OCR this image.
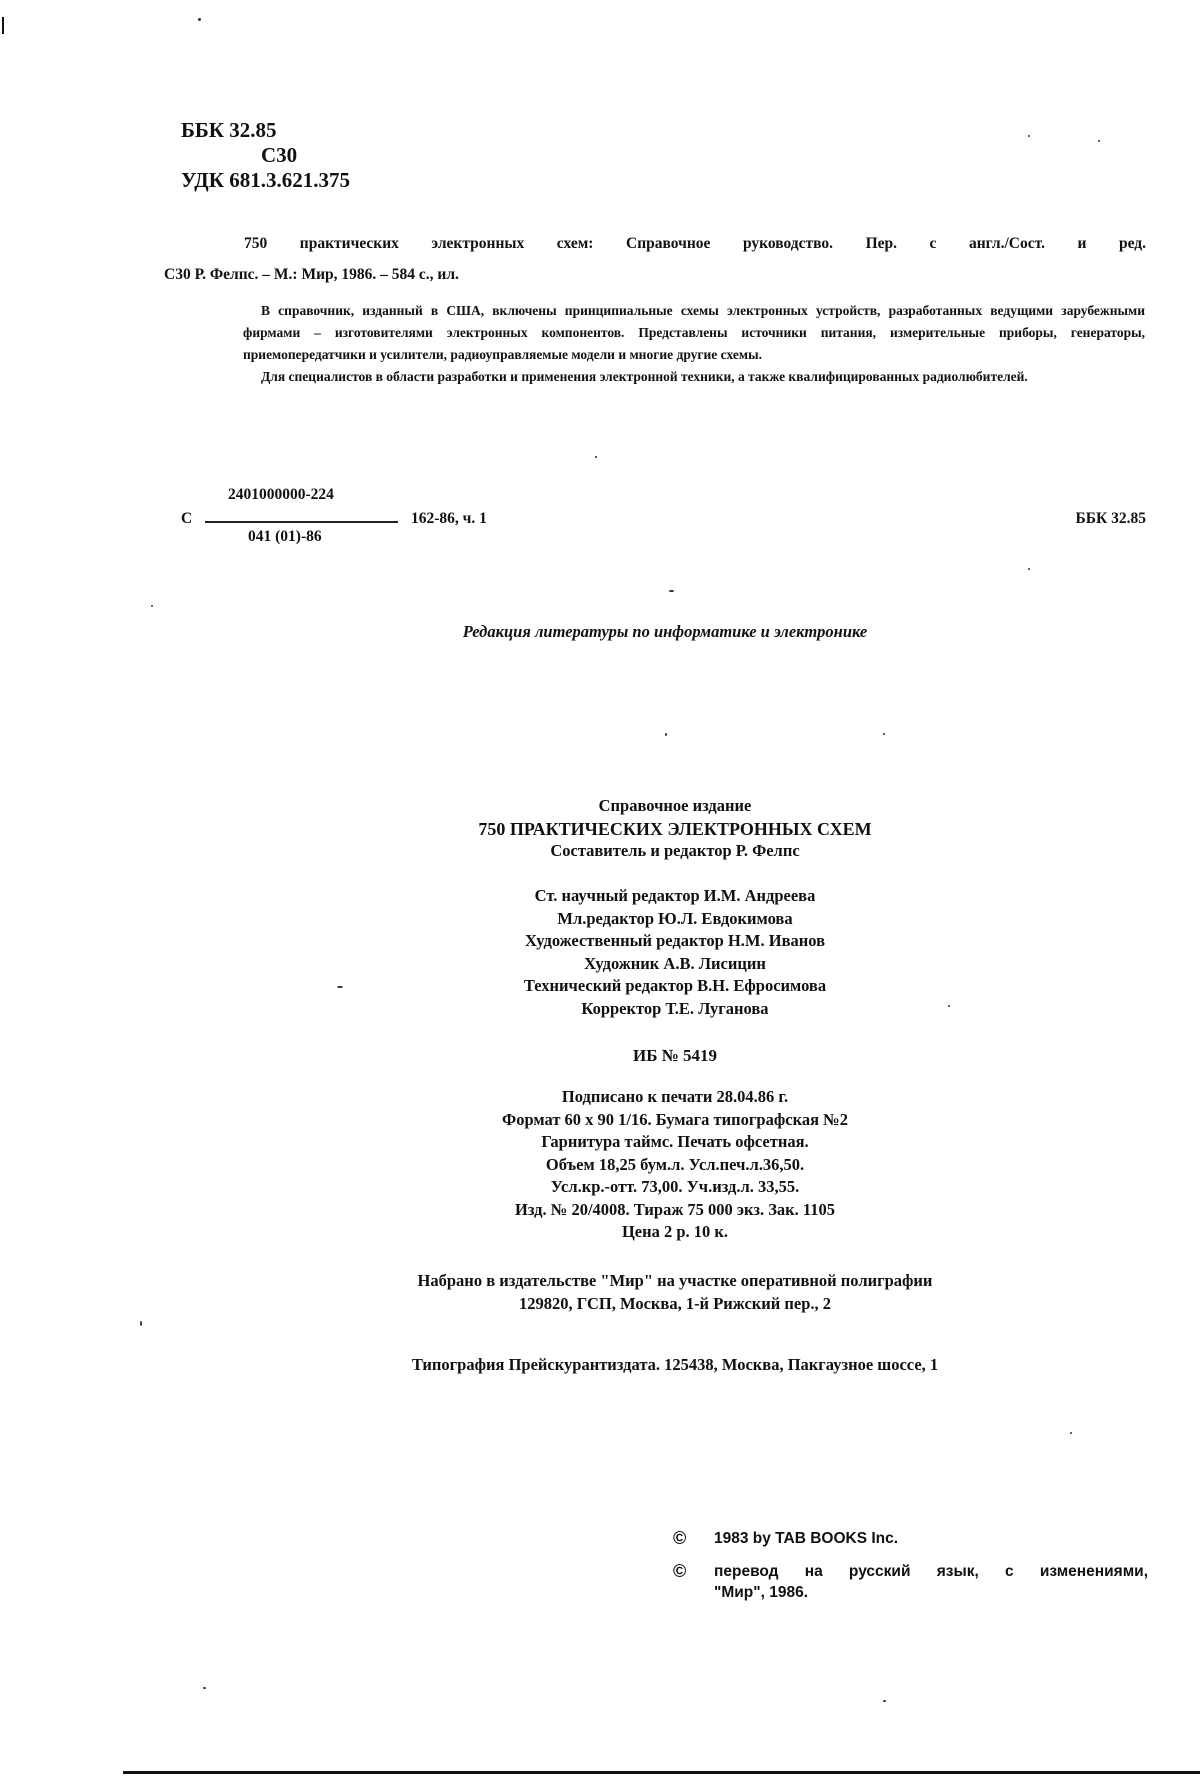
ББК 32.85
С30
УДК 681.3.621.375
750 практических электронных схем: Справочное руководство. Пер. с англ./Сост. и ред.
С30 Р. Фелпс. – М.: Мир, 1986. – 584 с., ил.

В справочник, изданный в США, включены принципиальные схемы электронных устройств, разработанных ведущими зарубежными фирмами – изготовителями электронных компонентов. Представлены источники питания, измерительные приборы, генераторы, приемопередатчики и усилители, радиоуправляемые модели и многие другие схемы.

Для специалистов в области разработки и применения электронной техники, а также квалифицированных радиолюбителей.

С
2401000000-224
041 (01)-86
162-86, ч. 1	ББК 32.85
Редакция литературы по информатике и электронике
Справочное издание
750 ПРАКТИЧЕСКИХ ЭЛЕКТРОННЫХ СХЕМ
Составитель и редактор Р. Фелпс
Ст. научный редактор И.М. Андреева
Мл.редактор Ю.Л. Евдокимова
Художественный редактор Н.М. Иванов
Художник А.В. Лисицин
Технический редактор В.Н. Ефросимова
Корректор Т.Е. Луганова
ИБ № 5419
Подписано к печати 28.04.86 г.
Формат 60 x 90 1/16. Бумага типографская №2
Гарнитура таймс. Печать офсетная.
Объем 18,25 бум.л. Усл.печ.л.36,50.
Усл.кр.-отт. 73,00. Уч.изд.л. 33,55.
Изд. № 20/4008. Тираж 75 000 экз. Зак. 1105
Цена 2 р. 10 к.
Набрано в издательстве "Мир" на участке оперативной полиграфии
129820, ГСП, Москва, 1-й Рижский пер., 2
Типография Прейскурантиздата. 125438, Москва, Пакгаузное шоссе, 1
© 1983 by TAB BOOKS Inc.
© перевод на русский язык, с изменениями,
"Мир", 1986.
